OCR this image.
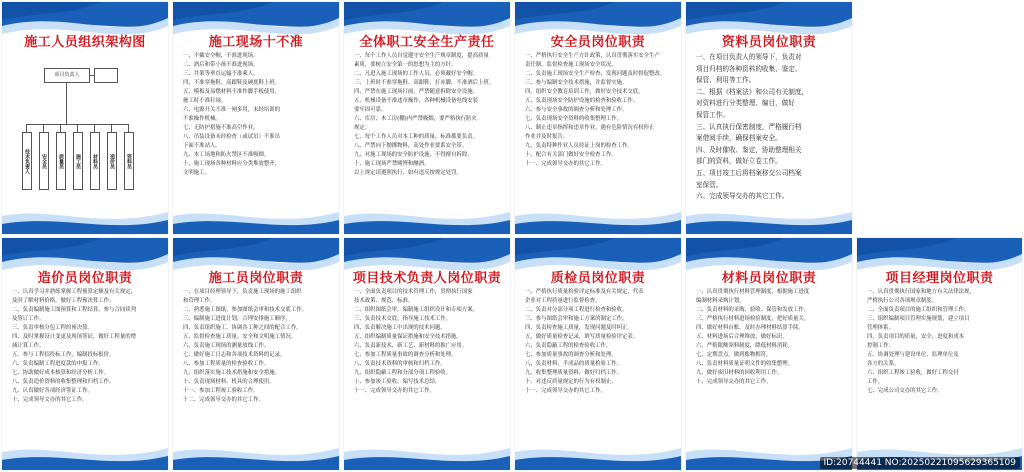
施工人员组织架构图
项目负责人
技术负责人	安全员	质量员	施工员	材料员	造价员	资料员
施工现场十不准
一、不戴安全帽，不准进现场。
二、酒后和带小孩不准进现场。
三、井架等垂直运输不准乘人。
四、不准穿拖鞋、高跟鞋及硬底鞋上班。
五、模板及易燃材料不准作脚手板使用，
施工时不准打闹。
六、电源开关不准一闸多用，未经培训的
不准操作机械。
七、无防护措施不准高空作业。
八、吊装设备未经检查（或试吊）不准吊
下面不准站人。
九、木工场地和防火禁区不准吸烟。
十、施工现场各种材料应分类堆放整齐，
文明施工。
全体职工安全生产责任
一、每个工作人员自觉遵守安全生产规章制度，提高质量
素质，要树立安全第一的思想为主的方针。
二、凡进入施工现场的工作人员，必须戴好安全帽。
三、上班时不准穿拖鞋、高跟鞋、打赤脚，不准酒后上班。
四、严禁在施工现场打闹，严禁随意拆除安全设施。
五、机械设备不准违章操作，各种机械设备电线安装
要牢固可靠。
六、库房、木工房(棚)内严禁吸烟，要严格执行防火
规定。
七、每个工作人员对本工种的质量、标准都要负责。
八、严禁向下抛掷物料，高处作业要系安全带。
九、对施工现场的安全防护设施，不得擅自拆除。
十、施工现场严禁赌博和酗酒。
以上规定请遵照执行，如有违反按规定处罚。
安全员岗位职责
一、严格执行安全生产方针政策，认真贯彻落实安全生产
责任制，监督检查施工现场安全状况。
二、负责施工现场安全生产检查，发现问题及时督促整改。
三、参与编制安全技术措施，并监督实施。
四、组织安全教育培训工作，做好安全技术交底。
五、负责现场安全防护设施的检查和验收工作。
六、参与安全事故的调查分析和处理工作。
七、负责现场安全资料的收集整理工作。
八、制止违章指挥和违章作业，遇有危险情况有权停止
作业并及时报告。
九、负责特种作业人员持证上岗的检查工作。
十、配合有关部门做好安全检查工作。
十一、完成领导交办的其它工作。
资料员岗位职责
一、在项目负责人的领导下，负责对
项目归档的各种资料的收集、鉴定、
保管、利用等工作。
二、根据《档案法》和公司有关制度，
对资料进行分类整理、编目，做好
保管工作。
三、认真执行保密制度，严格履行档
案借阅手续，确保档案安全。
四、及时催收、鉴定，协助整理相关
部门的资料，做好立卷工作。
五、项目竣工后将档案移交公司档案
室保管。
六、完成领导交办的其它工作。
造价员岗位职责
一、认真学习并熟练掌握工程预算定额及有关规定，
及时了解材料价格，做好工程预决算工作。
二、负责编制施工图预算和工程结算，参与合同谈判
及签订工作。
三、负责审核分包工程的预决算。
四、及时掌握设计变更及现场签证，做好工程量的增
减计算工作。
五、参与工程招投标工作，编制投标报价。
六、负责编制工程进度款的申报工作。
七、协助做好成本核算和经济分析工作。
八、负责造价资料的收集整理和归档工作。
九、认真做好各项经济签证工作。
十、完成领导交办的其它工作。
施工员岗位职责
一、在项目经理领导下，负责施工现场的施工组织
和管理工作。
二、熟悉施工图纸，参加图纸会审和技术交底工作。
三、编制施工进度计划，合理安排施工顺序。
四、负责组织施工，协调各工种之间的配合工作。
五、监督检查施工质量、安全和文明施工情况。
六、负责施工现场的测量放线工作。
七、做好施工日志和各项技术资料的记录。
八、参加工程质量的检查验收工作。
九、组织落实施工技术措施和安全措施。
十、负责现场材料、机具的合理使用。
十一、参加工程竣工验收工作。
十二、完成领导交办的其它工作。
项目技术负责人岗位职责
一、全面负责项目的技术管理工作，贯彻执行国家
技术政策、规范、标准。
二、组织图纸会审，编制施工组织设计和专项方案。
三、负责技术交底，指导施工技术工作。
四、负责解决施工中出现的技术问题。
五、组织编制质量保证措施和安全技术措施。
六、负责新技术、新工艺、新材料的推广应用。
七、参加工程质量事故的调查分析和处理。
八、负责技术资料的审核和归档工作。
九、组织隐蔽工程和分部分项工程验收。
十、参加竣工验收，编写技术总结。
十一、完成领导交办的其它工作。
质检员岗位职责
一、严格执行质量检验评定标准及有关规定，代表
企业对工程质量进行监督检查。
二、负责对分部分项工程进行检查和验收。
三、参与图纸会审和施工方案的制定工作。
四、负责检查施工质量，发现问题及时纠正。
五、做好质量检查记录，填写质量检验评定表。
六、负责隐蔽工程的检查验收工作。
七、参加质量事故的调查分析和处理。
八、负责材料、半成品的质量检验工作。
九、收集整理质量资料，做好归档工作。
十、对违反质量规定的行为有权制止。
十一、完成领导交办的其它工作。
材料员岗位职责
一、认真贯彻执行材料管理制度，根据施工进度
编制材料采购计划。
二、负责材料的采购、验收、保管和发放工作。
三、严格执行材料进场检验制度，把好质量关。
四、做好材料台账，及时办理材料结算手续。
五、材料进场后合理堆放，做好标识。
六、严格限额领料制度，降低材料消耗。
七、定期盘点，做到账物相符。
八、负责材料质量证明文件的收集整理。
九、做好废旧材料的回收利用工作。
十、完成领导交办的其它工作。
项目经理岗位职责
一、认真贯彻执行国家和地方有关法律法规，
严格执行公司各项规章制度。
二、全面负责项目的施工组织和管理工作。
三、组织编制项目管理实施规划，建立项目
管理体系。
四、负责项目的质量、安全、进度和成本
控制工作。
五、协调处理与建设单位、监理单位及
各方的关系。
六、组织工程竣工验收，做好工程交付
工作。
七、完成公司交办的其它工作。
ID:20744441 NO:20250221095629365109
